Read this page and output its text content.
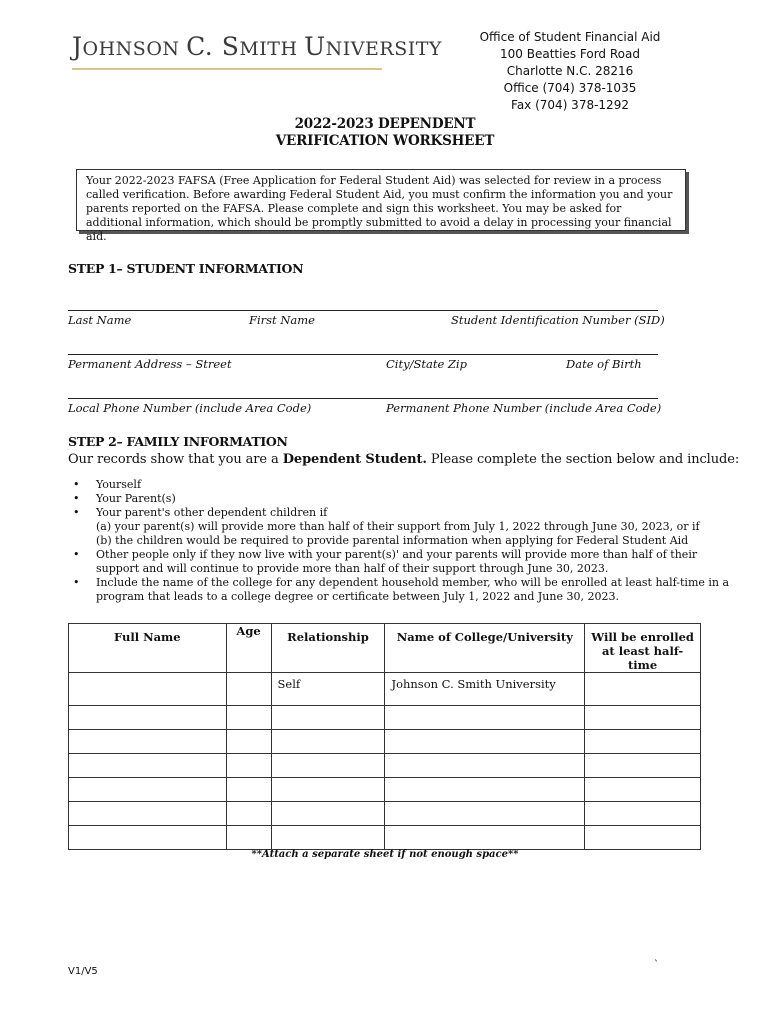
JOHNSON C. SMITH UNIVERSITY
Office of Student Financial Aid
100 Beatties Ford Road
Charlotte N.C. 28216
Office (704) 378-1035
Fax (704) 378-1292
2022-2023 DEPENDENT
VERIFICATION WORKSHEET
Your 2022-2023 FAFSA (Free Application for Federal Student Aid) was selected for review in a process called verification. Before awarding Federal Student Aid, you must confirm the information you and your parents reported on the FAFSA. Please complete and sign this worksheet. You may be asked for additional information, which should be promptly submitted to avoid a delay in processing your financial aid.
STEP 1– STUDENT INFORMATION
Last Name	First Name	Student Identification Number (SID)
Permanent Address – Street	City/State Zip	Date of Birth
Local Phone Number (include Area Code)	Permanent Phone Number (include Area Code)
STEP 2– FAMILY INFORMATION
Our records show that you are a Dependent Student. Please complete the section below and include:
• Yourself
• Your Parent(s)
• Your parent's other dependent children if
(a) your parent(s) will provide more than half of their support from July 1, 2022 through June 30, 2023, or if
(b) the children would be required to provide parental information when applying for Federal Student Aid
• Other people only if they now live with your parent(s)' and your parents will provide more than half of their support and will continue to provide more than half of their support through June 30, 2023.
• Include the name of the college for any dependent household member, who will be enrolled at least half-time in a program that leads to a college degree or certificate between July 1, 2022 and June 30, 2023.
Full Name	Age	Relationship	Name of College/University	Will be enrolled at least half-time
		Self	Johnson C. Smith University	

**Attach a separate sheet if not enough space**
V1/V5
`
